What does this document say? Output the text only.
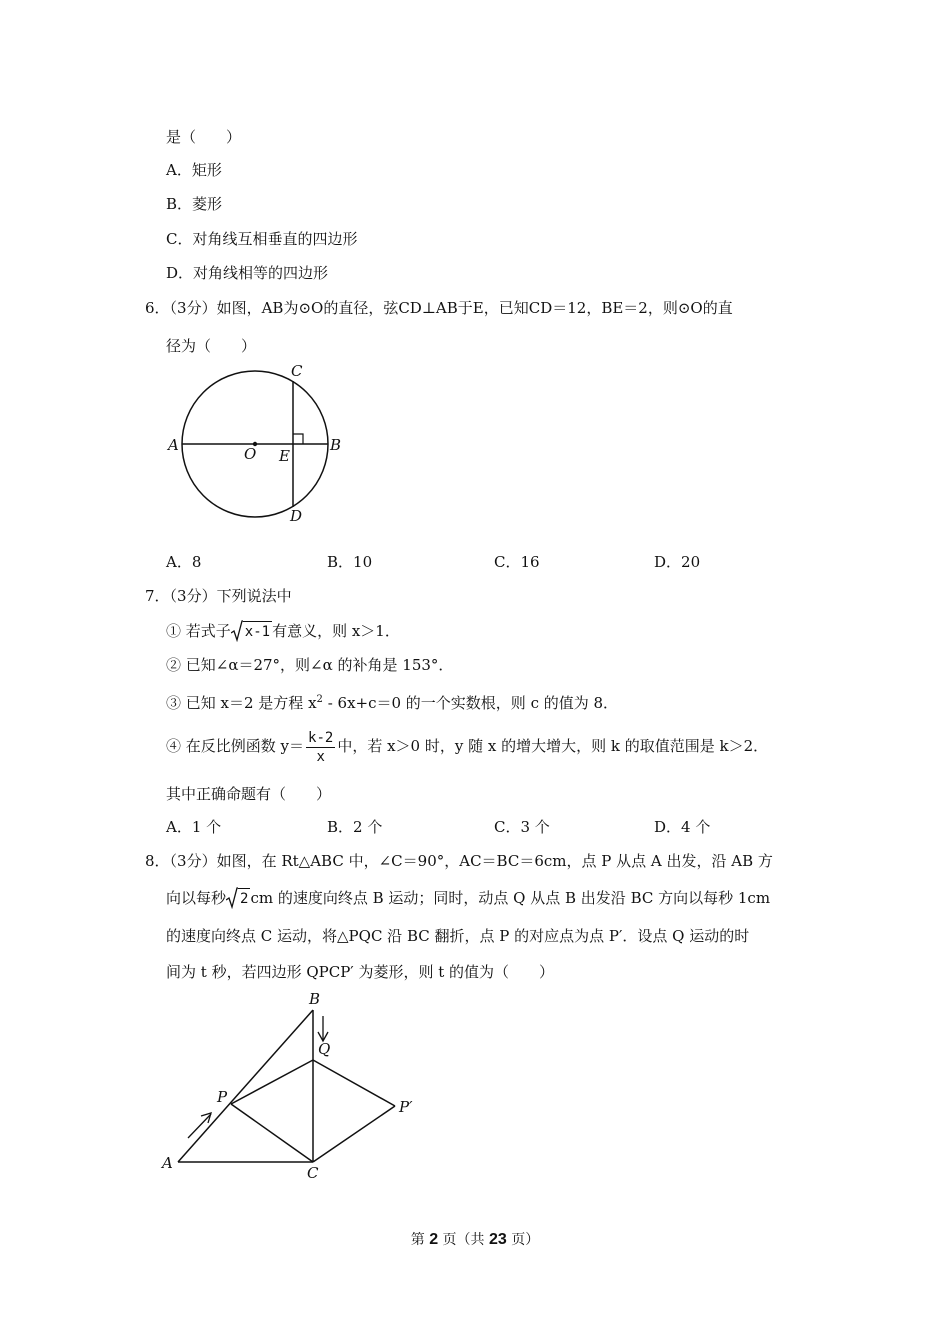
是（　　）
A．矩形
B．菱形
C．对角线互相垂直的四边形
D．对角线相等的四边形
6．（3分）如图，AB为⊙O的直径，弦CD⊥AB于E，已知CD＝12，BE＝2，则⊙O的直
径为（　　）
A	B
C
D
O E
A．8	B．10	C．16	D．20
7．（3分）下列说法中
① 若式子 x-1 有意义，则 x＞1．
② 已知∠α＝27°，则∠α 的补角是 153°．
③ 已知 x＝2 是方程 $x^2 - 6x+c=0$ 的一个实数根，则 c 的值为 8．
④ 在反比例函数 $y= \frac{k-2}{x}$ 中，若 x＞0 时，y 随 x 的增大增大，则 k 的取值范围是 k＞2．
其中正确命题有（　　）
A．1 个	B．2 个	C．3 个	D．4 个
8．（3分）如图，在 Rt△ABC 中，∠C＝90°，AC＝BC＝6cm，点 P 从点 A 出发，沿 AB 方
向以每秒 2 cm 的速度向终点 B 运动；同时，动点 Q 从点 B 出发沿 BC 方向以每秒 1cm
的速度向终点 C 运动，将△PQC 沿 BC 翻折，点 P 的对应点为点 P′．设点 Q 运动的时
间为 t 秒，若四边形 QPCP′ 为菱形，则 t 的值为（　　）
A
B
C
P
Q
P′
第 2 页（共 23 页）
